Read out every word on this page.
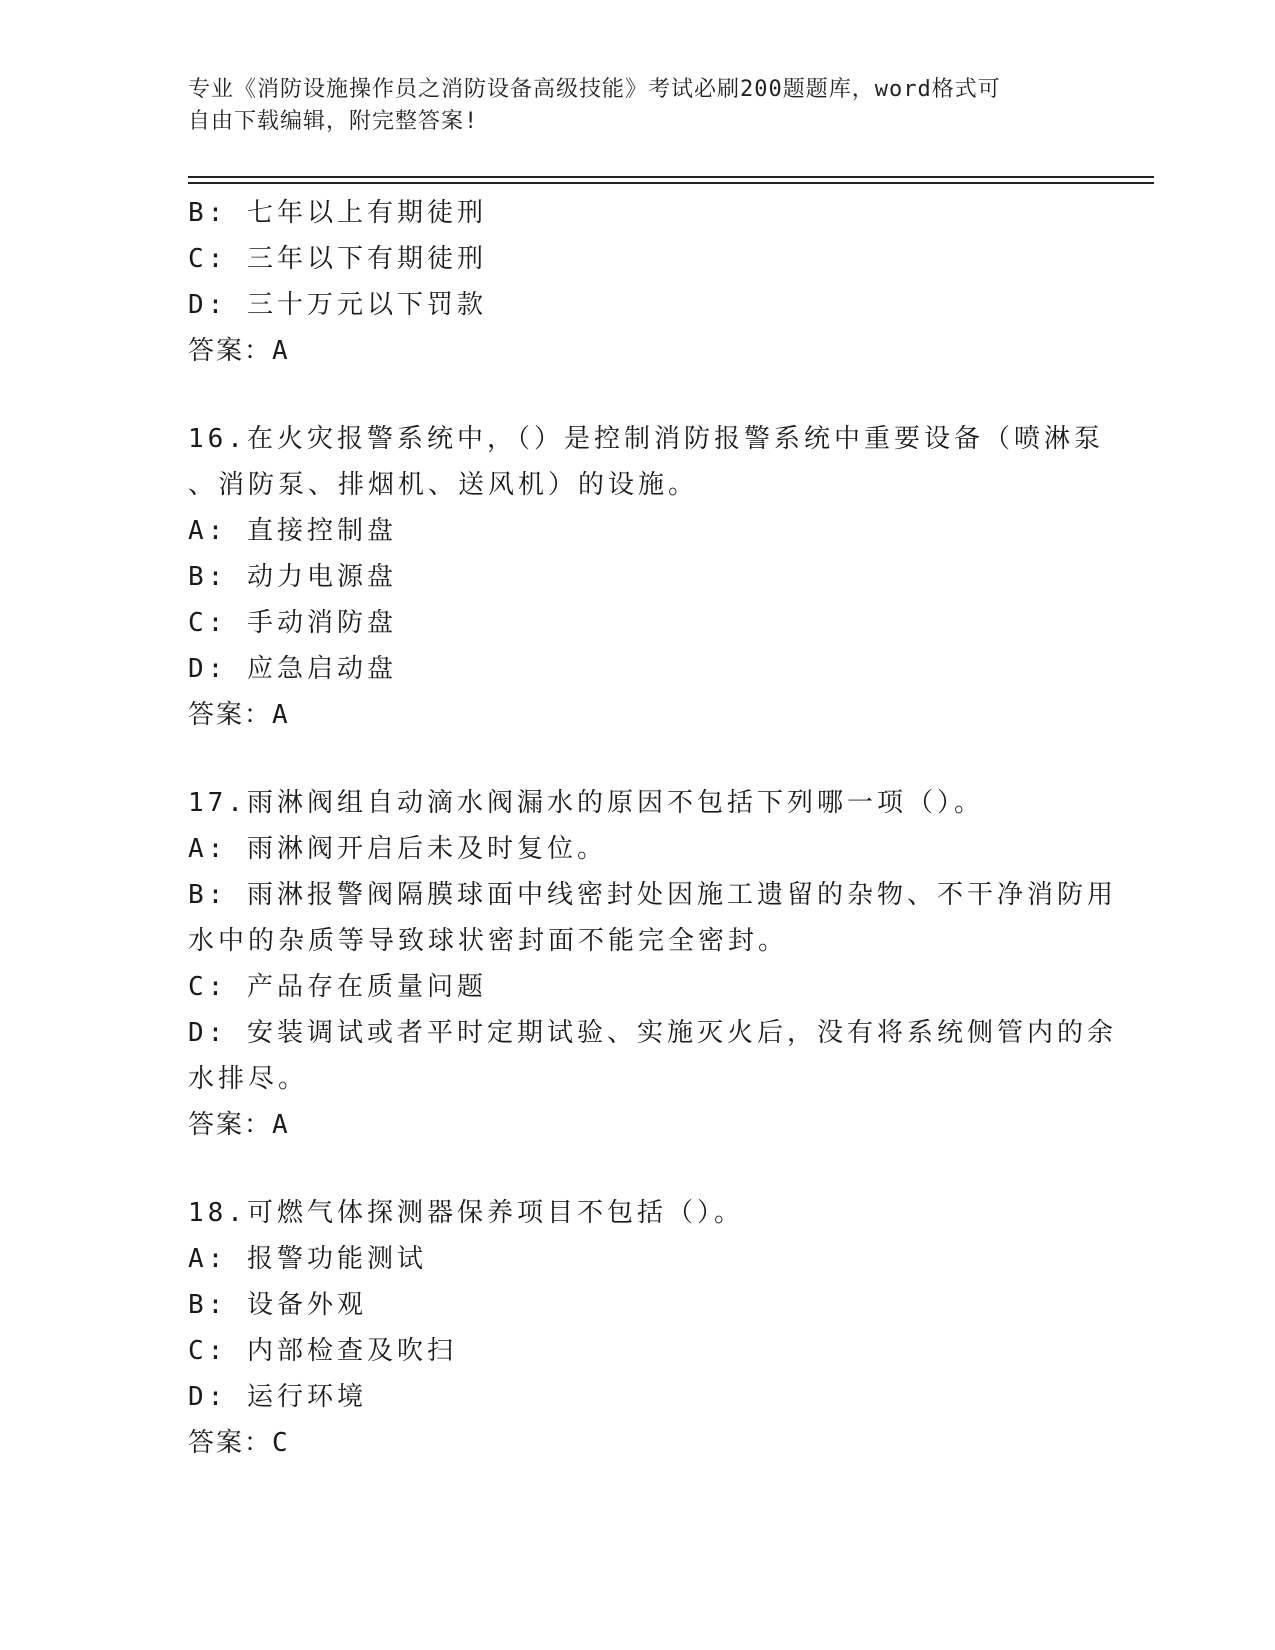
专业《消防设施操作员之消防设备高级技能》考试必刷200题题库，word格式可
自由下载编辑，附完整答案!

B: 七年以上有期徒刑

C: 三年以下有期徒刑

D: 三十万元以下罚款

答案：A

16.在火灾报警系统中，（）是控制消防报警系统中重要设备（喷淋泵

、消防泵、排烟机、送风机）的设施。

A: 直接控制盘

B: 动力电源盘

C: 手动消防盘

D: 应急启动盘

答案：A

17.雨淋阀组自动滴水阀漏水的原因不包括下列哪一项（）。

A: 雨淋阀开启后未及时复位。

B: 雨淋报警阀隔膜球面中线密封处因施工遗留的杂物、不干净消防用

水中的杂质等导致球状密封面不能完全密封。

C: 产品存在质量问题

D: 安装调试或者平时定期试验、实施灭火后，没有将系统侧管内的余

水排尽。

答案：A

18.可燃气体探测器保养项目不包括（）。

A: 报警功能测试

B: 设备外观

C: 内部检查及吹扫

D: 运行环境

答案：C
